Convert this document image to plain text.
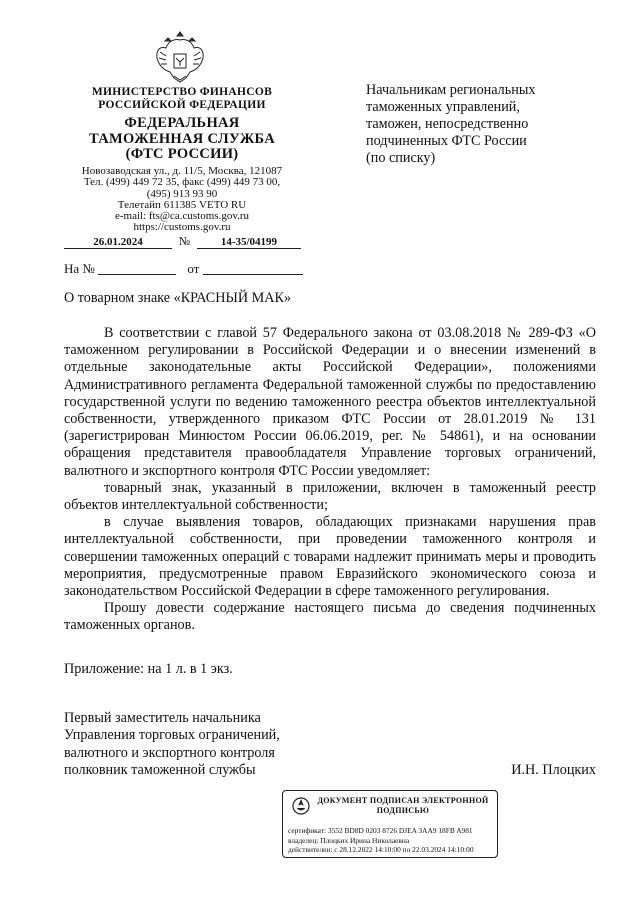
МИНИСТЕРСТВО ФИНАНСОВ
РОССИЙСКОЙ ФЕДЕРАЦИИ
ФЕДЕРАЛЬНАЯ
ТАМОЖЕННАЯ СЛУЖБА
(ФТС РОССИИ)
Новозаводская ул., д. 11/5, Москва, 121087
Тел. (499) 449 72 35, факс (499) 449 73 00,
(495) 913 93 90
Телетайп 611385 VETO RU
e-mail: fts@ca.customs.gov.ru
https://customs.gov.ru
26.01.2024	№	14-35/04199
На №	от
Начальникам региональных
таможенных управлений,
таможен, непосредственно
подчиненных ФТС России
(по списку)
О товарном знаке «КРАСНЫЙ МАК»
В соответствии с главой 57 Федерального закона от 03.08.2018 № 289-ФЗ «О таможенном регулировании в Российской Федерации и о внесении изменений в отдельные законодательные акты Российской Федерации», положениями Административного регламента Федеральной таможенной службы по предоставлению государственной услуги по ведению таможенного реестра объектов интеллектуальной собственности, утвержденного приказом ФТС России от 28.01.2019 № 131 (зарегистрирован Минюстом России 06.06.2019, рег. № 54861), и на основании обращения представителя правообладателя Управление торговых ограничений, валютного и экспортного контроля ФТС России уведомляет:
товарный знак, указанный в приложении, включен в таможенный реестр объектов интеллектуальной собственности;
в случае выявления товаров, обладающих признаками нарушения прав интеллектуальной собственности, при проведении таможенного контроля и совершении таможенных операций с товарами надлежит принимать меры и проводить мероприятия, предусмотренные правом Евразийского экономического союза и законодательством Российской Федерации в сфере таможенного регулирования.
Прошу довести содержание настоящего письма до сведения подчиненных таможенных органов.
Приложение: на 1 л. в 1 экз.
Первый заместитель начальника
Управления торговых ограничений,
валютного и экспортного контроля
полковник таможенной службы	И.Н. Плоцких
ДОКУМЕНТ ПОДПИСАН ЭЛЕКТРОННОЙ
ПОДПИСЬЮ
сертификат: 3552 BD8D 0203 8726 DJEA 3AA9 18FB A981
владелец: Плоцких Ирина Николаевна
действителен: с 28.12.2022 14:10:00 по 22.03.2024 14:10:00
